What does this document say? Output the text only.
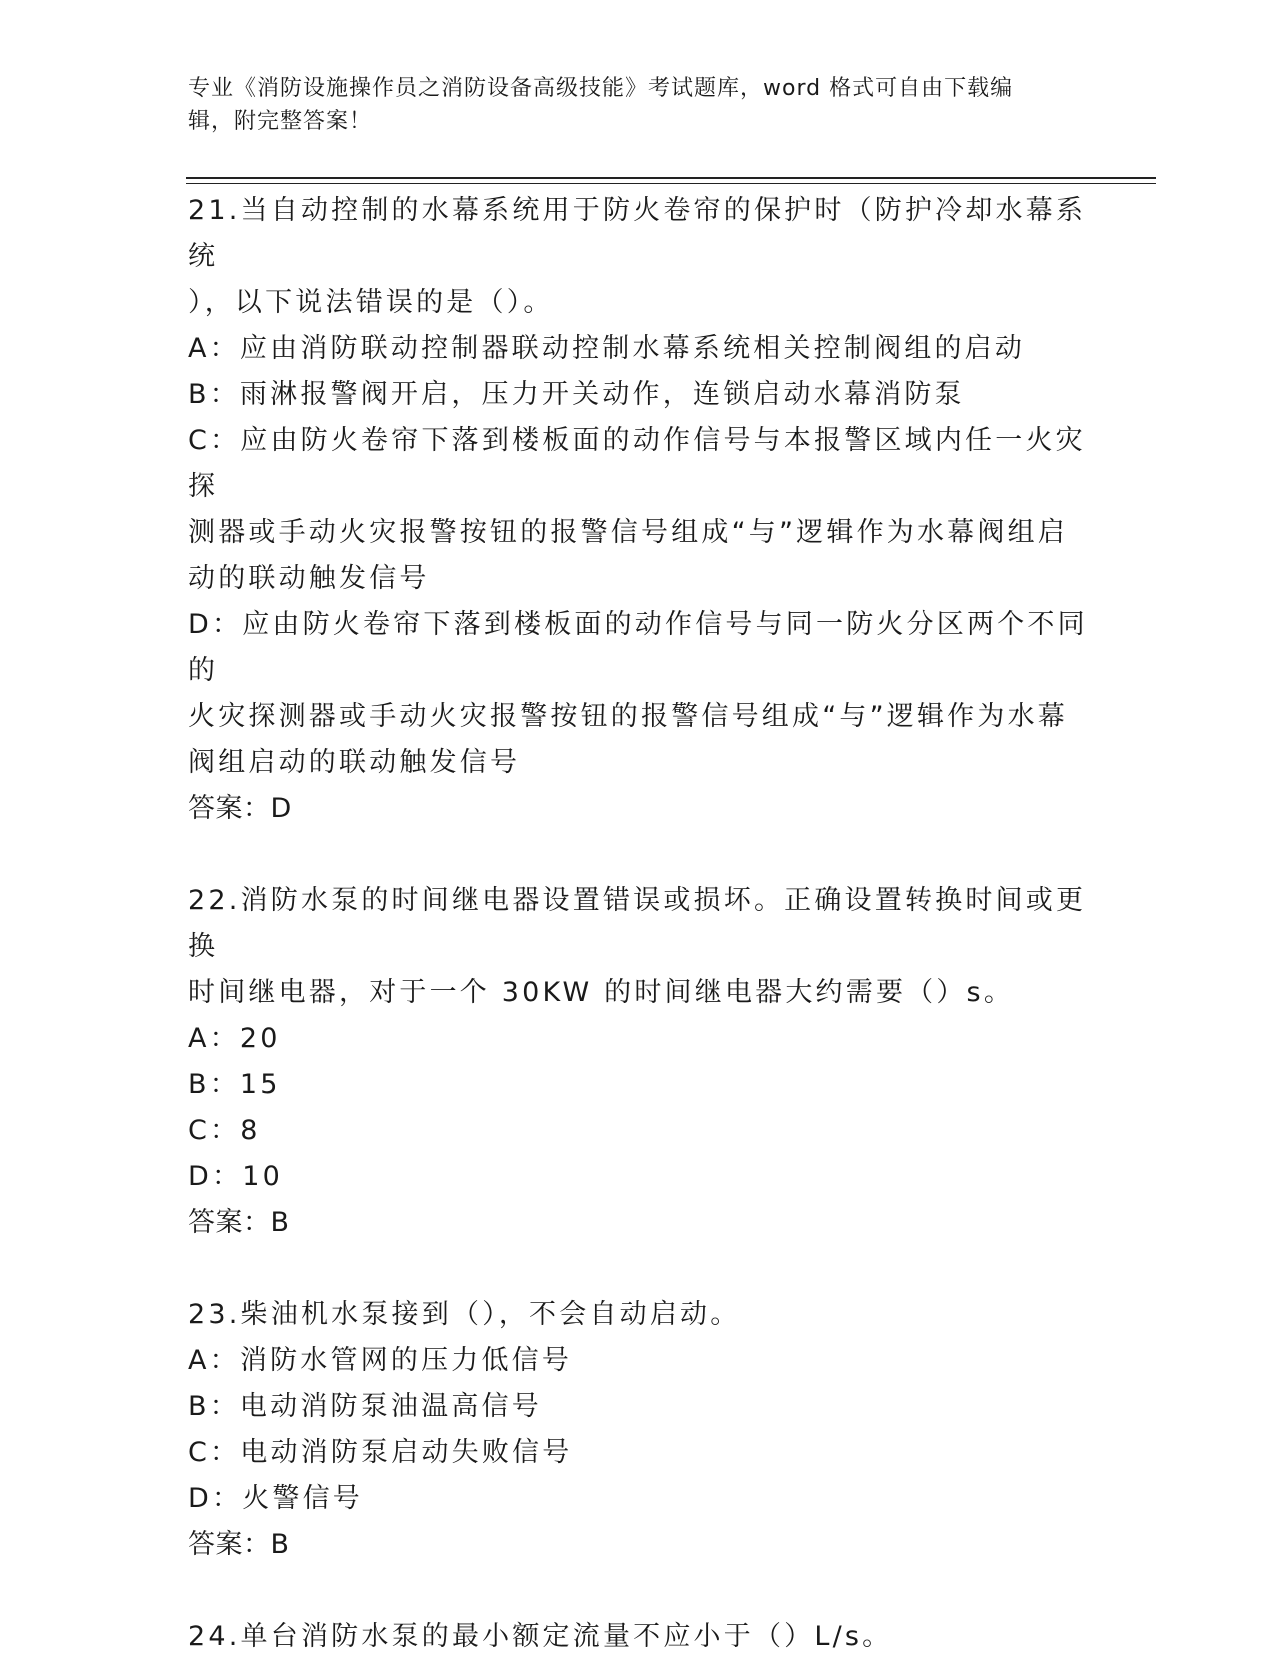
专业《消防设施操作员之消防设备高级技能》考试题库，word 格式可自由下载编
辑，附完整答案！

21.当自动控制的水幕系统用于防火卷帘的保护时（防护冷却水幕系统

），以下说法错误的是（）。

A：应由消防联动控制器联动控制水幕系统相关控制阀组的启动

B：雨淋报警阀开启，压力开关动作，连锁启动水幕消防泵

C：应由防火卷帘下落到楼板面的动作信号与本报警区域内任一火灾探

测器或手动火灾报警按钮的报警信号组成“与”逻辑作为水幕阀组启

动的联动触发信号

D：应由防火卷帘下落到楼板面的动作信号与同一防火分区两个不同的

火灾探测器或手动火灾报警按钮的报警信号组成“与”逻辑作为水幕

阀组启动的联动触发信号

答案：D

22.消防水泵的时间继电器设置错误或损坏。正确设置转换时间或更换

时间继电器，对于一个 30KW 的时间继电器大约需要（）s。

A：20

B：15

C：8

D：10

答案：B

23.柴油机水泵接到（），不会自动启动。

A：消防水管网的压力低信号

B：电动消防泵油温高信号

C：电动消防泵启动失败信号

D：火警信号

答案：B

24.单台消防水泵的最小额定流量不应小于（）L/s。
